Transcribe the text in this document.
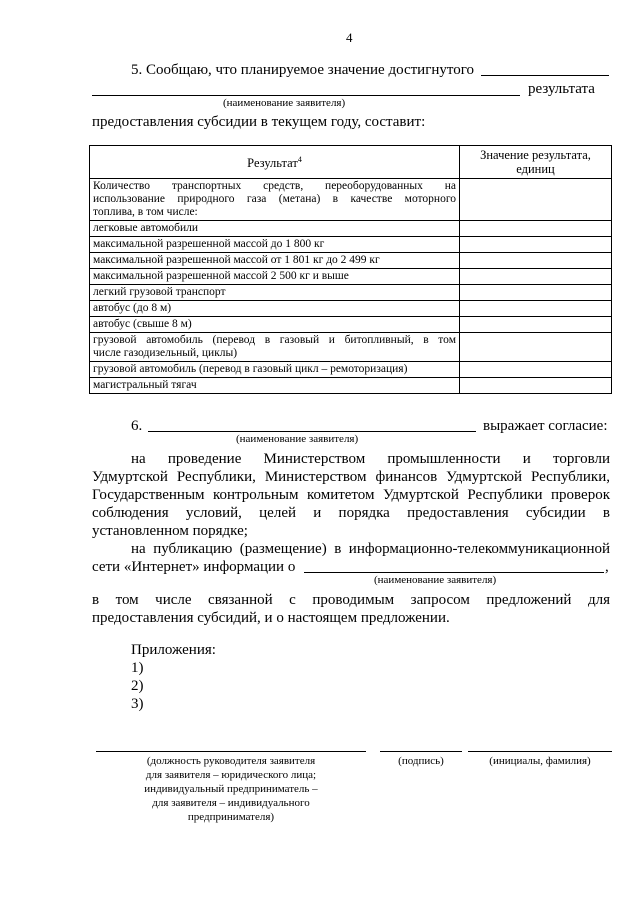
4
5. Сообщаю, что планируемое значение достигнутого
результата
(наименование заявителя)
предоставления субсидии в текущем году, составит:
Результат$^4$	Значение результата,
единиц

Количество транспортных средств, переоборудованных на
использование природного газа (метана) в качестве моторного
топлива, в том числе:	

легковые автомобили	
максимальной разрешенной массой до 1 800 кг	
максимальной разрешенной массой от 1 801 кг до 2 499 кг	
максимальной разрешенной массой 2 500 кг и выше	
легкий грузовой транспорт	
автобус (до 8 м)	
автобус (свыше 8 м)	

грузовой автомобиль (перевод в газовый и битопливный, в том
числе газодизельный, циклы)	

грузовой автомобиль (перевод в газовый цикл – ремоторизация)	
магистральный тягач	
6.	выражает согласие:
(наименование заявителя)
на проведение Министерством промышленности и торговли
Удмуртской Республики, Министерством финансов Удмуртской Республики,
Государственным контрольным комитетом Удмуртской Республики проверок
соблюдения условий, целей и порядка предоставления субсидии в
установленном порядке;
на публикацию (размещение) в информационно-телекоммуникационной
сети «Интернет» информации о	,
(наименование заявителя)
в том числе связанной с проводимым запросом предложений для
предоставления субсидий, и о настоящем предложении.
Приложения:
1)
2)
3)
(должность руководителя заявителя
для заявителя – юридического лица;
индивидуальный предприниматель –
для заявителя – индивидуального
предпринимателя)
(подпись)	(инициалы, фамилия)
